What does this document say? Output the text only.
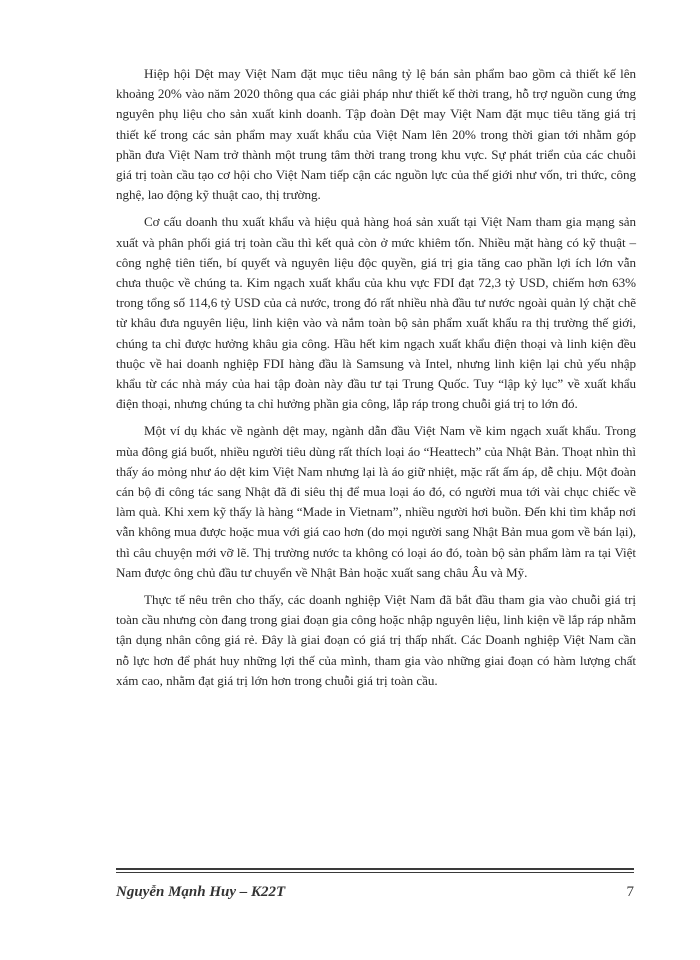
Hiệp hội Dệt may Việt Nam đặt mục tiêu nâng tỷ lệ bán sản phẩm bao gồm cả thiết kế lên khoảng 20% vào năm 2020 thông qua các giải pháp như thiết kế thời trang, hỗ trợ nguồn cung ứng nguyên phụ liệu cho sản xuất kinh doanh. Tập đoàn Dệt may Việt Nam đặt mục tiêu tăng giá trị thiết kế trong các sản phẩm may xuất khẩu của Việt Nam lên 20% trong thời gian tới nhằm góp phần đưa Việt Nam trở thành một trung tâm thời trang trong khu vực. Sự phát triển của các chuỗi giá trị toàn cầu tạo cơ hội cho Việt Nam tiếp cận các nguồn lực của thế giới như vốn, tri thức, công nghệ, lao động kỹ thuật cao, thị trường.

Cơ cấu doanh thu xuất khẩu và hiệu quả hàng hoá sản xuất tại Việt Nam tham gia mạng sản xuất và phân phối giá trị toàn cầu thì kết quả còn ở mức khiêm tốn. Nhiều mặt hàng có kỹ thuật – công nghệ tiên tiến, bí quyết và nguyên liệu độc quyền, giá trị gia tăng cao phần lợi ích lớn vẫn chưa thuộc về chúng ta. Kim ngạch xuất khẩu của khu vực FDI đạt 72,3 tỷ USD, chiếm hơn 63% trong tổng số 114,6 tỷ USD của cả nước, trong đó rất nhiều nhà đầu tư nước ngoài quản lý chặt chẽ từ khâu đưa nguyên liệu, linh kiện vào và nắm toàn bộ sản phẩm xuất khẩu ra thị trường thế giới, chúng ta chỉ được hưởng khâu gia công. Hầu hết kim ngạch xuất khẩu điện thoại và linh kiện đều thuộc về hai doanh nghiệp FDI hàng đầu là Samsung và Intel, nhưng linh kiện lại chủ yếu nhập khẩu từ các nhà máy của hai tập đoàn này đầu tư tại Trung Quốc. Tuy “lập kỷ lục” về xuất khẩu điện thoại, nhưng chúng ta chỉ hưởng phần gia công, lắp ráp trong chuỗi giá trị to lớn đó.

Một ví dụ khác về ngành dệt may, ngành dẫn đầu Việt Nam về kim ngạch xuất khẩu. Trong mùa đông giá buốt, nhiều người tiêu dùng rất thích loại áo “Heattech” của Nhật Bản. Thoạt nhìn thì thấy áo mỏng như áo dệt kim Việt Nam nhưng lại là áo giữ nhiệt, mặc rất ấm áp, dễ chịu. Một đoàn cán bộ đi công tác sang Nhật đã đi siêu thị để mua loại áo đó, có người mua tới vài chục chiếc về làm quà. Khi xem kỹ thấy là hàng “Made in Vietnam”, nhiều người hơi buồn. Đến khi tìm khắp nơi vẫn không mua được hoặc mua với giá cao hơn (do mọi người sang Nhật Bản mua gom về bán lại), thì câu chuyện mới vỡ lẽ. Thị trường nước ta không có loại áo đó, toàn bộ sản phẩm làm ra tại Việt Nam được ông chủ đầu tư chuyển về Nhật Bản hoặc xuất sang châu Âu và Mỹ.

Thực tế nêu trên cho thấy, các doanh nghiệp Việt Nam đã bắt đầu tham gia vào chuỗi giá trị toàn cầu nhưng còn đang trong giai đoạn gia công hoặc nhập nguyên liệu, linh kiện về lắp ráp nhằm tận dụng nhân công giá rẻ. Đây là giai đoạn có giá trị thấp nhất. Các Doanh nghiệp Việt Nam cần nỗ lực hơn để phát huy những lợi thế của mình, tham gia vào những giai đoạn có hàm lượng chất xám cao, nhằm đạt giá trị lớn hơn trong chuỗi giá trị toàn cầu.

Nguyễn Mạnh Huy – K22T	7
